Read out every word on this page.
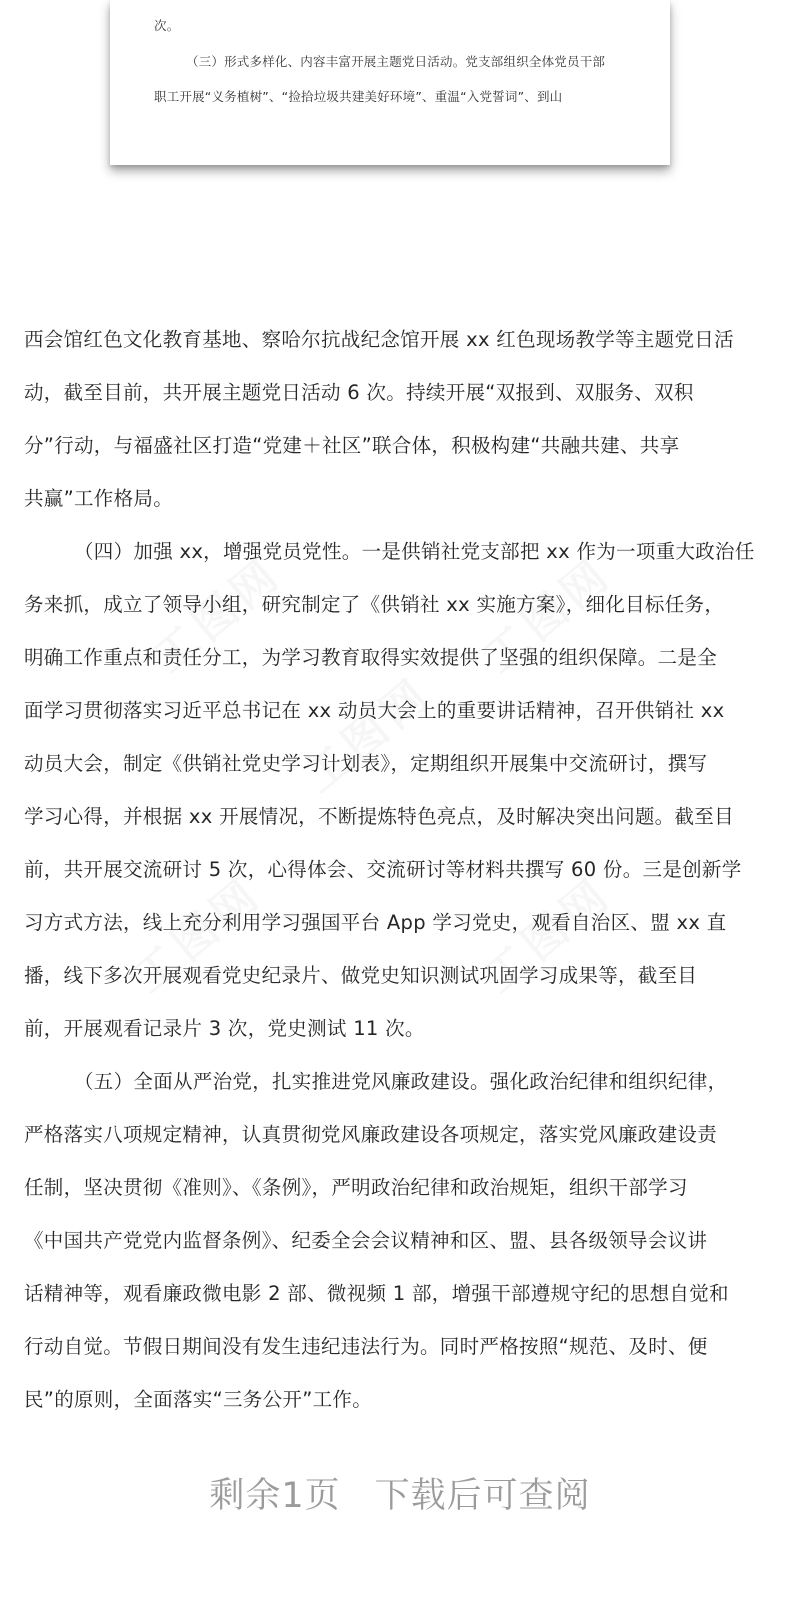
次。
（三）形式多样化、内容丰富开展主题党日活动。党支部组织全体党员干部
职工开展“义务植树”、“捡拾垃圾共建美好环境”、重温“入党誓词”、到山
西会馆红色文化教育基地、察哈尔抗战纪念馆开展 xx 红色现场教学等主题党日活
动，截至目前，共开展主题党日活动 6 次。持续开展“双报到、双服务、双积
分”行动，与福盛社区打造“党建＋社区”联合体，积极构建“共融共建、共享
共赢”工作格局。
（四）加强 xx，增强党员党性。一是供销社党支部把 xx 作为一项重大政治任
务来抓，成立了领导小组，研究制定了《供销社 xx 实施方案》，细化目标任务，
明确工作重点和责任分工，为学习教育取得实效提供了坚强的组织保障。二是全
面学习贯彻落实习近平总书记在 xx 动员大会上的重要讲话精神，召开供销社 xx
动员大会，制定《供销社党史学习计划表》，定期组织开展集中交流研讨，撰写
学习心得，并根据 xx 开展情况，不断提炼特色亮点，及时解决突出问题。截至目
前，共开展交流研讨 5 次，心得体会、交流研讨等材料共撰写 60 份。三是创新学
习方式方法，线上充分利用学习强国平台 App 学习党史，观看自治区、盟 xx 直
播，线下多次开展观看党史纪录片、做党史知识测试巩固学习成果等，截至目
前，开展观看记录片 3 次，党史测试 11 次。
（五）全面从严治党，扎实推进党风廉政建设。强化政治纪律和组织纪律，
严格落实八项规定精神，认真贯彻党风廉政建设各项规定，落实党风廉政建设责
任制，坚决贯彻《准则》、《条例》，严明政治纪律和政治规矩，组织干部学习
《中国共产党党内监督条例》、纪委全会会议精神和区、盟、县各级领导会议讲
话精神等，观看廉政微电影 2 部、微视频 1 部，增强干部遵规守纪的思想自觉和
行动自觉。节假日期间没有发生违纪违法行为。同时严格按照“规范、及时、便
民”的原则，全面落实“三务公开”工作。
剩余1页 下载后可查阅
